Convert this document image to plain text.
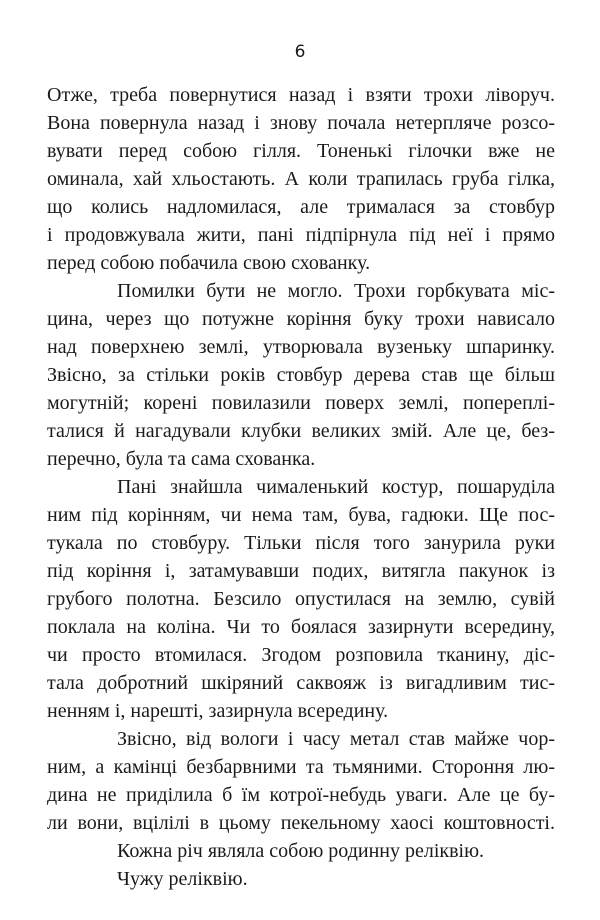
6
Отже, треба повернутися назад і взяти трохи ліворуч.
Вона повернула назад і знову почала нетерпляче розсо-
вувати перед собою гілля. Тоненькі гілочки вже не
оминала, хай хльостають. А коли трапилась груба гілка,
що колись надломилася, але трималася за стовбур
і продовжувала жити, пані підпірнула під неї і прямо
перед собою побачила свою схованку.
Помилки бути не могло. Трохи горбкувата міс-
цина, через що потужне коріння буку трохи нависало
над поверхнею землі, утворювала вузеньку шпаринку.
Звісно, за стільки років стовбур дерева став ще більш
могутній; корені повилазили поверх землі, попереплі-
талися й нагадували клубки великих змій. Але це, без-
перечно, була та сама схованка.
Пані знайшла чималенький костур, пошаруділа
ним під корінням, чи нема там, бува, гадюки. Ще пос-
тукала по стовбуру. Тільки після того занурила руки
під коріння і, затамувавши подих, витягла пакунок із
грубого полотна. Безсило опустилася на землю, сувій
поклала на коліна. Чи то боялася зазирнути всередину,
чи просто втомилася. Згодом розповила тканину, діс-
тала добротний шкіряний саквояж із вигадливим тис-
ненням і, нарешті, зазирнула всередину.
Звісно, від вологи і часу метал став майже чор-
ним, а камінці безбарвними та тьмяними. Стороння лю-
дина не приділила б їм котрої-небудь уваги. Але це бу-
ли вони, вцілілі в цьому пекельному хаосі коштовності.
Кожна річ являла собою родинну реліквію.
Чужу реліквію.
